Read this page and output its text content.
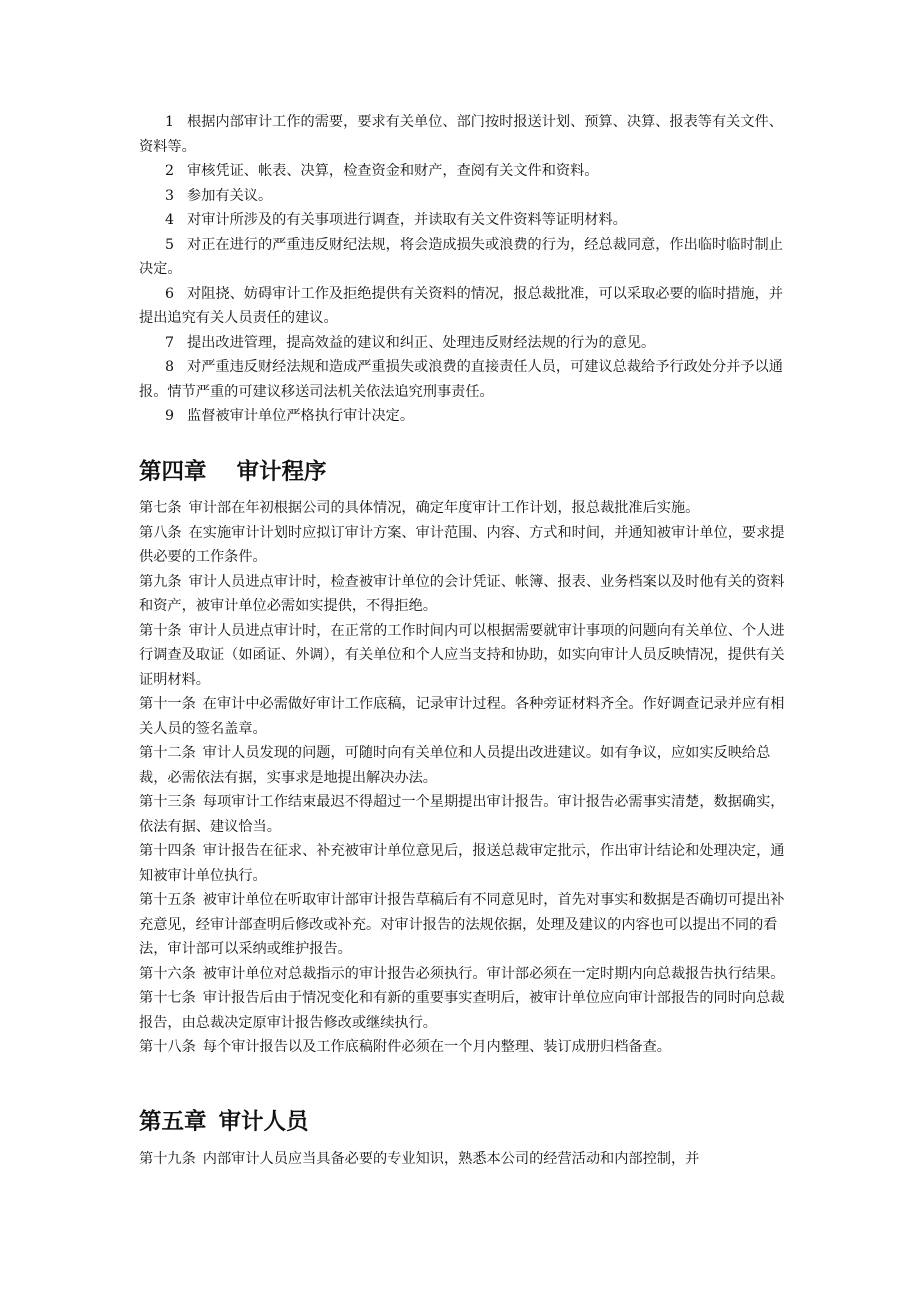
1 根据内部审计工作的需要，要求有关单位、部门按时报送计划、预算、决算、报表等有关文件、资料等。

2 审核凭证、帐表、决算，检查资金和财产，查阅有关文件和资料。

3 参加有关议。

4 对审计所涉及的有关事项进行调查，并读取有关文件资料等证明材料。

5 对正在进行的严重违反财纪法规，将会造成损失或浪费的行为，经总裁同意，作出临时临时制止决定。

6 对阻挠、妨碍审计工作及拒绝提供有关资料的情况，报总裁批准，可以采取必要的临时措施，并提出追究有关人员责任的建议。

7 提出改进管理，提高效益的建议和纠正、处理违反财经法规的行为的意见。

8 对严重违反财经法规和造成严重损失或浪费的直接责任人员，可建议总裁给予行政处分并予以通报。情节严重的可建议移送司法机关依法追究刑事责任。

9 监督被审计单位严格执行审计决定。

第四章 审计程序

第七条 审计部在年初根据公司的具体情况，确定年度审计工作计划，报总裁批准后实施。

第八条 在实施审计计划时应拟订审计方案、审计范围、内容、方式和时间，并通知被审计单位，要求提供必要的工作条件。

第九条 审计人员进点审计时，检查被审计单位的会计凭证、帐簿、报表、业务档案以及时他有关的资料和资产，被审计单位必需如实提供，不得拒绝。

第十条 审计人员进点审计时，在正常的工作时间内可以根据需要就审计事项的问题向有关单位、个人进行调查及取证（如函证、外调），有关单位和个人应当支持和协助，如实向审计人员反映情况，提供有关证明材料。

第十一条 在审计中必需做好审计工作底稿，记录审计过程。各种旁证材料齐全。作好调查记录并应有相关人员的签名盖章。

第十二条 审计人员发现的问题，可随时向有关单位和人员提出改进建议。如有争议，应如实反映给总裁，必需依法有据，实事求是地提出解决办法。

第十三条 每项审计工作结束最迟不得超过一个星期提出审计报告。审计报告必需事实清楚，数据确实，依法有据、建议恰当。

第十四条 审计报告在征求、补充被审计单位意见后，报送总裁审定批示，作出审计结论和处理决定，通知被审计单位执行。

第十五条 被审计单位在听取审计部审计报告草稿后有不同意见时，首先对事实和数据是否确切可提出补充意见，经审计部查明后修改或补充。对审计报告的法规依据，处理及建议的内容也可以提出不同的看法，审计部可以采纳或维护报告。

第十六条 被审计单位对总裁指示的审计报告必须执行。审计部必须在一定时期内向总裁报告执行结果。

第十七条 审计报告后由于情况变化和有新的重要事实查明后，被审计单位应向审计部报告的同时向总裁报告，由总裁决定原审计报告修改或继续执行。

第十八条 每个审计报告以及工作底稿附件必须在一个月内整理、装订成册归档备查。

第五章 审计人员

第十九条 内部审计人员应当具备必要的专业知识，熟悉本公司的经营活动和内部控制，并
